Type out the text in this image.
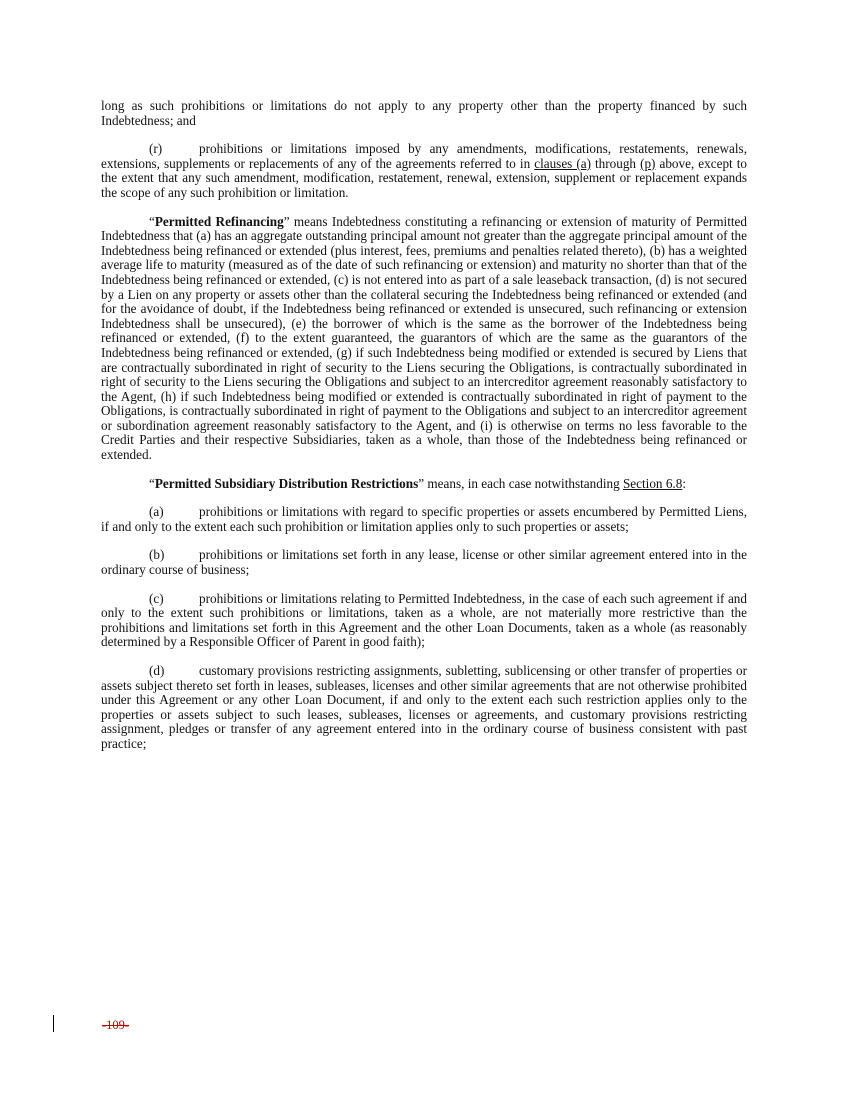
long as such prohibitions or limitations do not apply to any property other than the property financed by such Indebtedness; and

(r)	prohibitions or limitations imposed by any amendments, modifications, restatements, renewals, extensions, supplements or replacements of any of the agreements referred to in clauses (a) through (p) above, except to the extent that any such amendment, modification, restatement, renewal, extension, supplement or replacement expands the scope of any such prohibition or limitation.

“Permitted Refinancing” means Indebtedness constituting a refinancing or extension of maturity of Permitted Indebtedness that (a) has an aggregate outstanding principal amount not greater than the aggregate principal amount of the Indebtedness being refinanced or extended (plus interest, fees, premiums and penalties related thereto), (b) has a weighted average life to maturity (measured as of the date of such refinancing or extension) and maturity no shorter than that of the Indebtedness being refinanced or extended, (c) is not entered into as part of a sale leaseback transaction, (d) is not secured by a Lien on any property or assets other than the collateral securing the Indebtedness being refinanced or extended (and for the avoidance of doubt, if the Indebtedness being refinanced or extended is unsecured, such refinancing or extension Indebtedness shall be unsecured), (e) the borrower of which is the same as the borrower of the Indebtedness being refinanced or extended, (f) to the extent guaranteed, the guarantors of which are the same as the guarantors of the Indebtedness being refinanced or extended, (g) if such Indebtedness being modified or extended is secured by Liens that are contractually subordinated in right of security to the Liens securing the Obligations, is contractually subordinated in right of security to the Liens securing the Obligations and subject to an intercreditor agreement reasonably satisfactory to the Agent, (h) if such Indebtedness being modified or extended is contractually subordinated in right of payment to the Obligations, is contractually subordinated in right of payment to the Obligations and subject to an intercreditor agreement or subordination agreement reasonably satisfactory to the Agent, and (i) is otherwise on terms no less favorable to the Credit Parties and their respective Subsidiaries, taken as a whole, than those of the Indebtedness being refinanced or extended.

“Permitted Subsidiary Distribution Restrictions” means, in each case notwithstanding Section 6.8:

(a)	prohibitions or limitations with regard to specific properties or assets encumbered by Permitted Liens, if and only to the extent each such prohibition or limitation applies only to such properties or assets;

(b)	prohibitions or limitations set forth in any lease, license or other similar agreement entered into in the ordinary course of business;

(c)	prohibitions or limitations relating to Permitted Indebtedness, in the case of each such agreement if and only to the extent such prohibitions or limitations, taken as a whole, are not materially more restrictive than the prohibitions and limitations set forth in this Agreement and the other Loan Documents, taken as a whole (as reasonably determined by a Responsible Officer of Parent in good faith);

(d)	customary provisions restricting assignments, subletting, sublicensing or other transfer of properties or assets subject thereto set forth in leases, subleases, licenses and other similar agreements that are not otherwise prohibited under this Agreement or any other Loan Document, if and only to the extent each such restriction applies only to the properties or assets subject to such leases, subleases, licenses or agreements, and customary provisions restricting assignment, pledges or transfer of any agreement entered into in the ordinary course of business consistent with past practice;

-109-
